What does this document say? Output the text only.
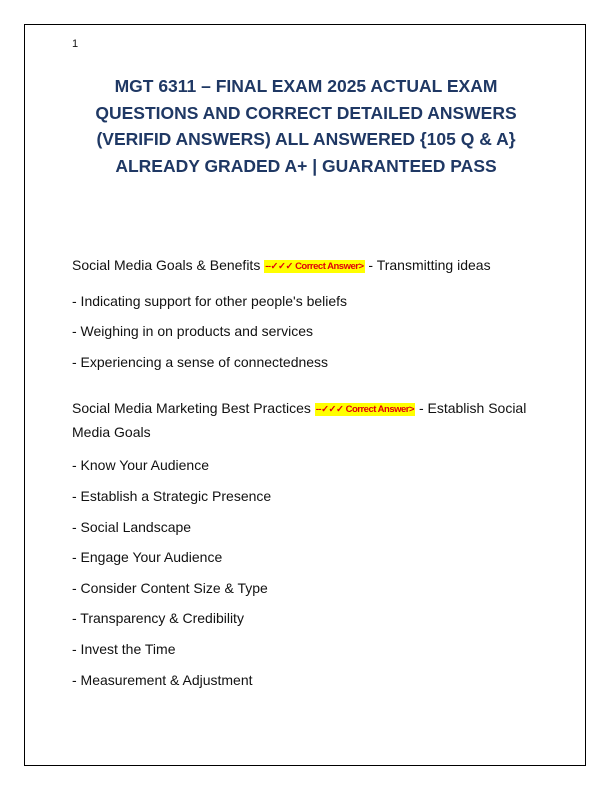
1
MGT 6311 – FINAL EXAM 2025 ACTUAL EXAM QUESTIONS AND CORRECT DETAILED ANSWERS (VERIFID ANSWERS) ALL ANSWERED {105 Q & A} ALREADY GRADED A+ | GUARANTEED PASS

Social Media Goals & Benefits --✓✓✓ Correct Answer> - Transmitting ideas

- Indicating support for other people's beliefs

- Weighing in on products and services

- Experiencing a sense of connectedness

Social Media Marketing Best Practices --✓✓✓ Correct Answer> - Establish Social Media Goals

- Know Your Audience

- Establish a Strategic Presence

- Social Landscape

- Engage Your Audience

- Consider Content Size & Type

- Transparency & Credibility

- Invest the Time

- Measurement & Adjustment
